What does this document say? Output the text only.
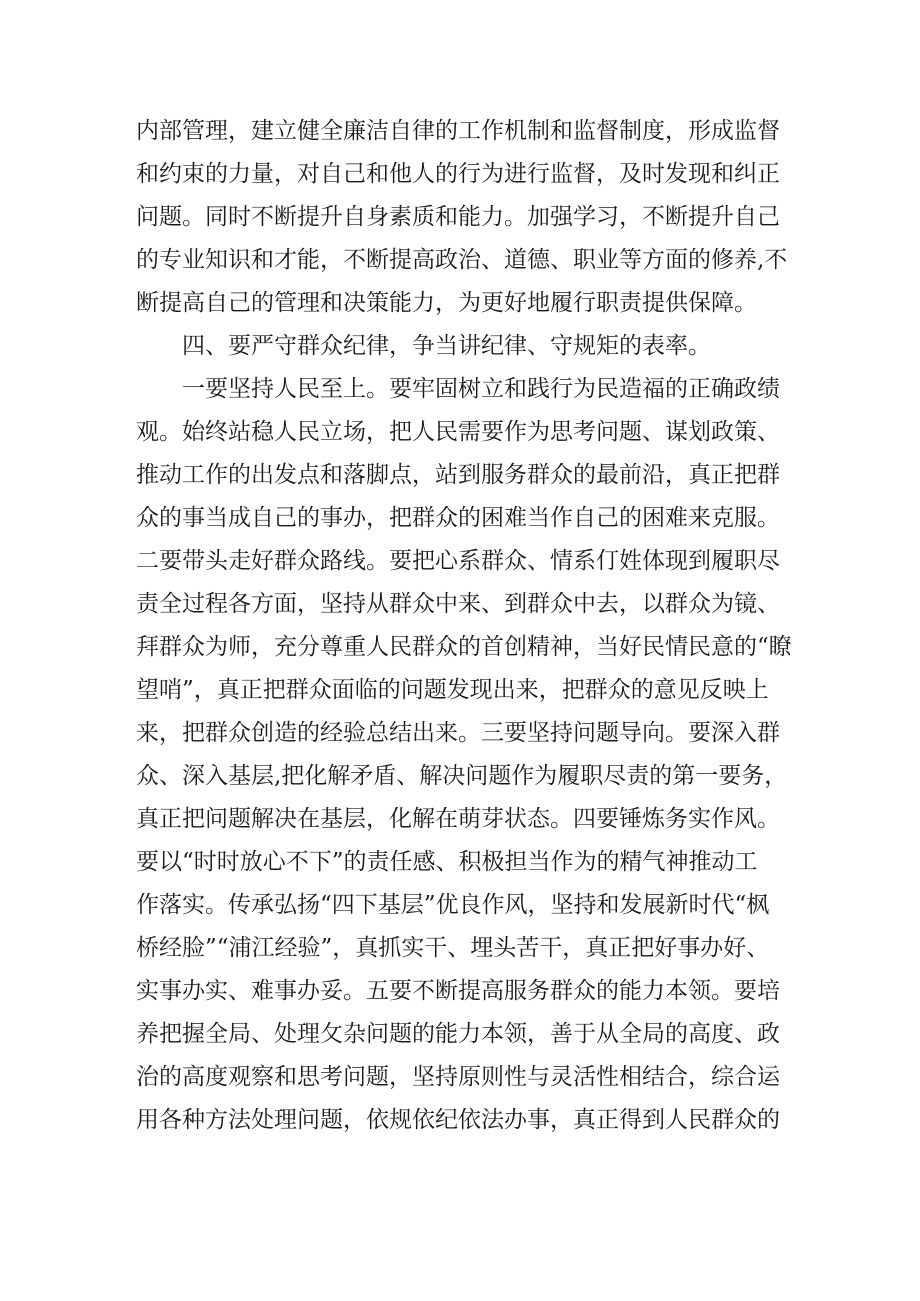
内部管理，建立健全廉洁自律的工作机制和监督制度，形成监督
和约束的力量，对自己和他人的行为进行监督，及时发现和纠正
问题。同时不断提升自身素质和能力。加强学习，不断提升自己
的专业知识和才能，不断提高政治、道德、职业等方面的修养,不
断提高自己的管理和决策能力，为更好地履行职责提供保障。
四、要严守群众纪律，争当讲纪律、守规矩的表率。
一要坚持人民至上。要牢固树立和践行为民造福的正确政绩
观。始终站稳人民立场，把人民需要作为思考问题、谋划政策、
推动工作的出发点和落脚点，站到服务群众的最前沿，真正把群
众的事当成自己的事办，把群众的困难当作自己的困难来克服。
二要带头走好群众路线。要把心系群众、情系仃姓体现到履职尽
责全过程各方面，坚持从群众中来、到群众中去，以群众为镜、
拜群众为师，充分尊重人民群众的首创精神，当好民情民意的“瞭
望哨”，真正把群众面临的问题发现出来，把群众的意见反映上
来，把群众创造的经验总结出来。三要坚持问题导向。要深入群
众、深入基层,把化解矛盾、解决问题作为履职尽责的第一要务，
真正把问题解决在基层，化解在萌芽状态。四要锤炼务实作风。
要以“时时放心不下”的责任感、积极担当作为的精气神推动工
作落实。传承弘扬“四下基层”优良作风，坚持和发展新时代“枫
桥经脸”“浦江经验”，真抓实干、埋头苦干，真正把好事办好、
实事办实、难事办妥。五要不断提高服务群众的能力本领。要培
养把握全局、处理攵杂问题的能力本领，善于从全局的高度、政
治的高度观察和思考问题，坚持原则性与灵活性相结合，综合运
用各种方法处理问题，依规依纪依法办事，真正得到人民群众的
